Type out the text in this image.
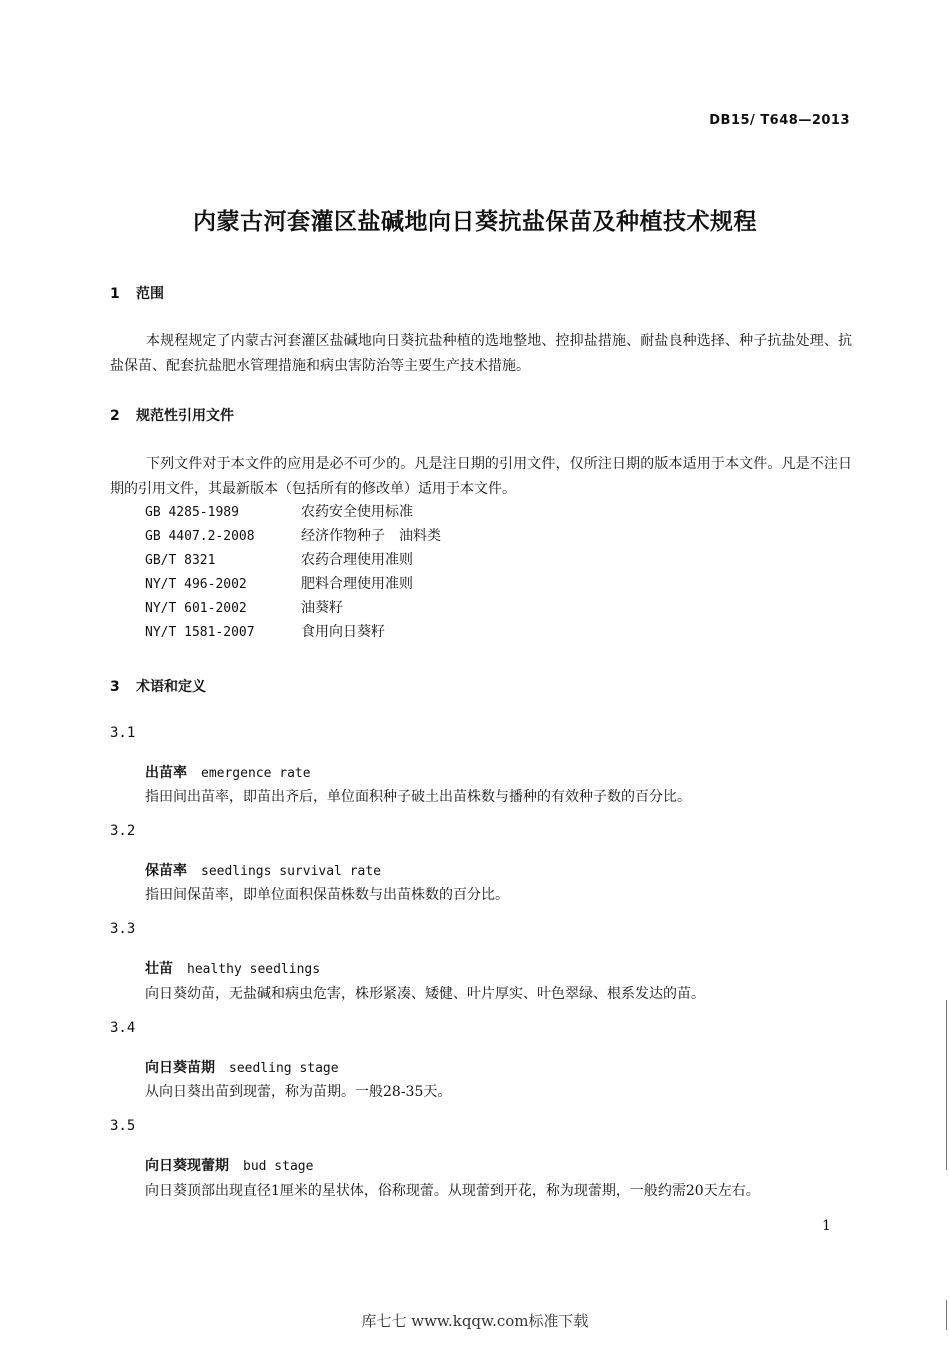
DB15/ T648—2013
内蒙古河套灌区盐碱地向日葵抗盐保苗及种植技术规程
1 范围
本规程规定了内蒙古河套灌区盐碱地向日葵抗盐种植的选地整地、控抑盐措施、耐盐良种选择、种子抗盐处理、抗盐保苗、配套抗盐肥水管理措施和病虫害防治等主要生产技术措施。
2 规范性引用文件
下列文件对于本文件的应用是必不可少的。凡是注日期的引用文件，仅所注日期的版本适用于本文件。凡是不注日期的引用文件，其最新版本（包括所有的修改单）适用于本文件。
GB 4285-1989	农药安全使用标准
GB 4407.2-2008	经济作物种子　油料类
GB/T 8321	农药合理使用准则
NY/T 496-2002	肥料合理使用准则
NY/T 601-2002	油葵籽
NY/T 1581-2007	食用向日葵籽
3 术语和定义
3.1
出苗率 emergence rate
指田间出苗率，即苗出齐后，单位面积种子破土出苗株数与播种的有效种子数的百分比。
3.2
保苗率 seedlings survival rate
指田间保苗率，即单位面积保苗株数与出苗株数的百分比。
3.3
壮苗 healthy seedlings
向日葵幼苗，无盐碱和病虫危害，株形紧凑、矮健、叶片厚实、叶色翠绿、根系发达的苗。
3.4
向日葵苗期 seedling stage
从向日葵出苗到现蕾，称为苗期。一般28-35天。
3.5
向日葵现蕾期 bud stage
向日葵顶部出现直径1厘米的星状体，俗称现蕾。从现蕾到开花，称为现蕾期，一般约需20天左右。
1
库七七 www.kqqw.com标准下载
